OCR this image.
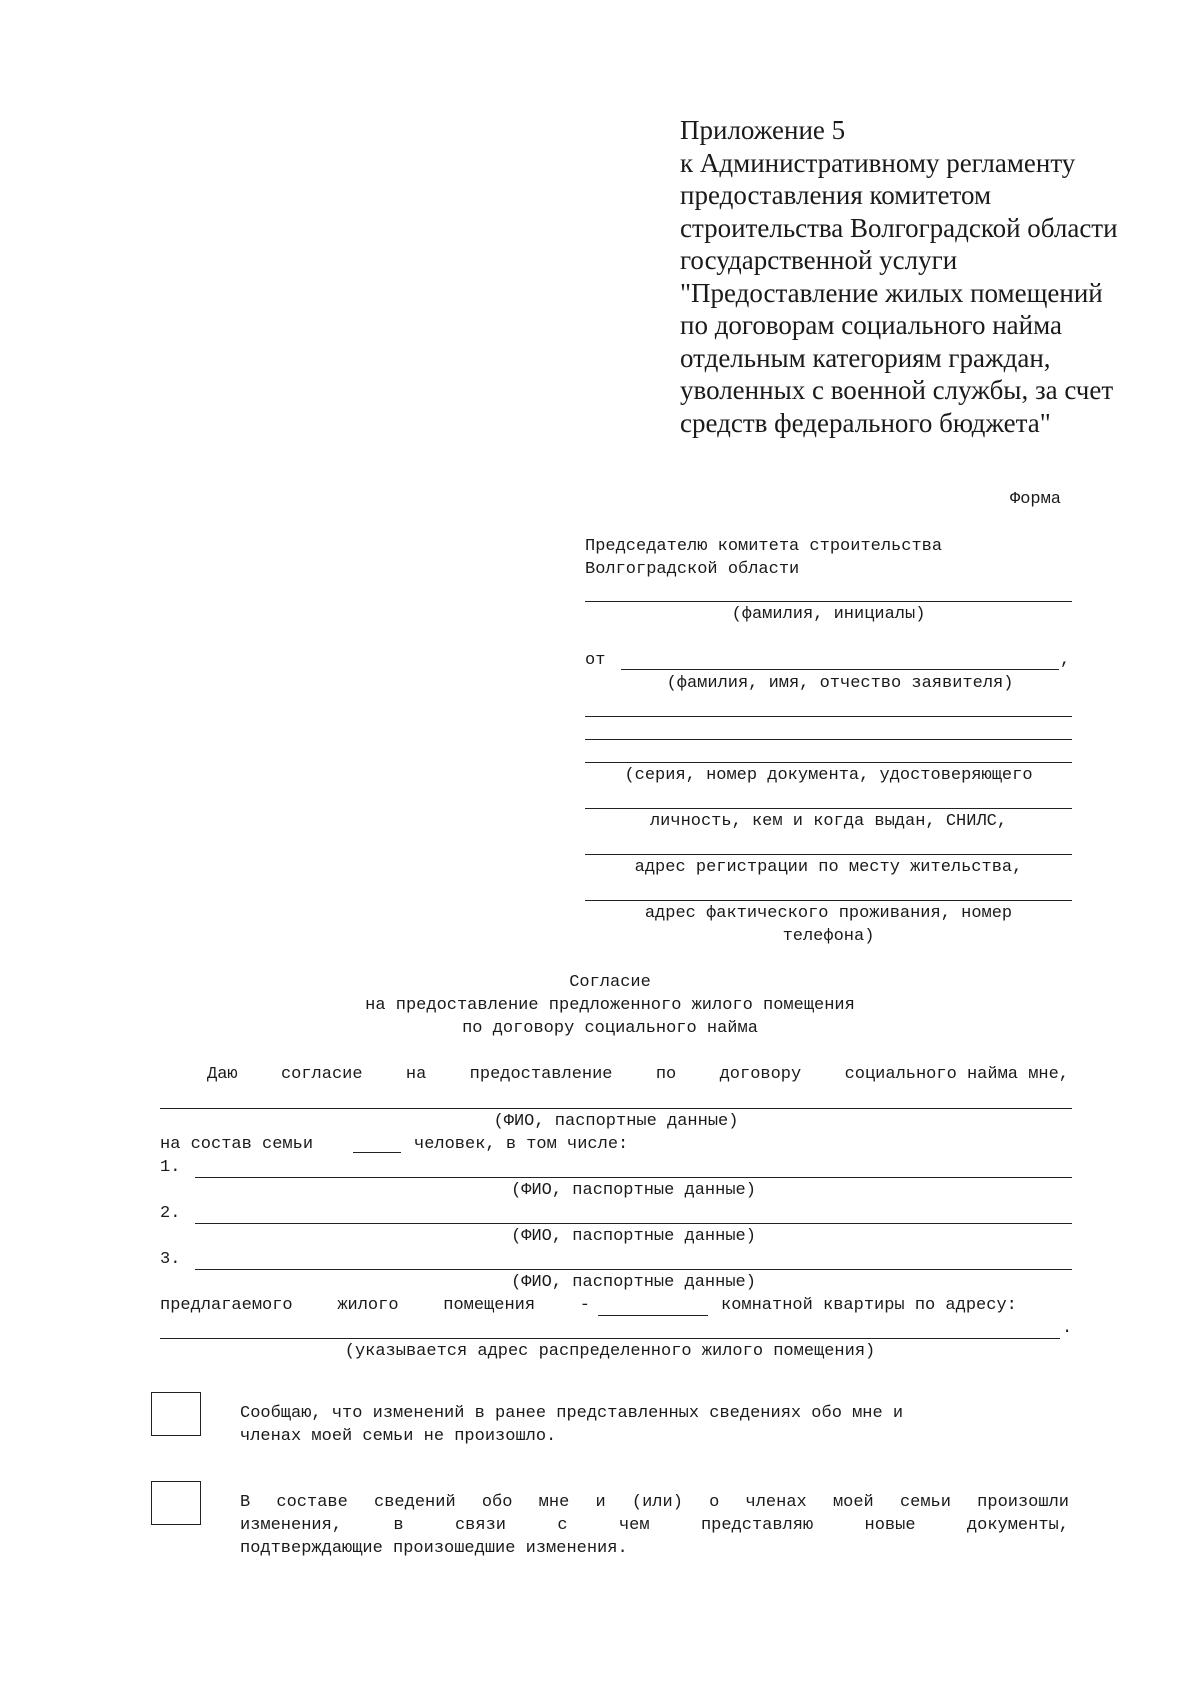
Приложение 5
к Административному регламенту
предоставления комитетом
строительства Волгоградской области
государственной услуги
"Предоставление жилых помещений
по договорам социального найма
отдельным категориям граждан,
уволенных с военной службы, за счет
средств федерального бюджета"
Форма
Председателю комитета строительства
Волгоградской области
(фамилия, инициалы)
от	,
(фамилия, имя, отчество заявителя)
(серия, номер документа, удостоверяющего
личность, кем и когда выдан, СНИЛС,
адрес регистрации по месту жительства,
адрес фактического проживания, номер
телефона)
Согласие
на предоставление предложенного жилого помещения
по договору социального найма
Даю	согласие	на	предоставление	по	договору	социального найма мне,
(ФИО, паспортные данные)
на состав семьи	человек, в том числе:
1.
(ФИО, паспортные данные)
2.
(ФИО, паспортные данные)
3.
(ФИО, паспортные данные)
предлагаемого	жилого	помещения	-	комнатной квартиры по адресу:
.
(указывается адрес распределенного жилого помещения)
Сообщаю, что изменений в ранее представленных сведениях обо мне и
членах моей семьи не произошло.
В составе сведений обо мне и (или) о членах моей семьи произошли
изменения,	в	связи	с	чем	представляю	новые	документы,
подтверждающие произошедшие изменения.
